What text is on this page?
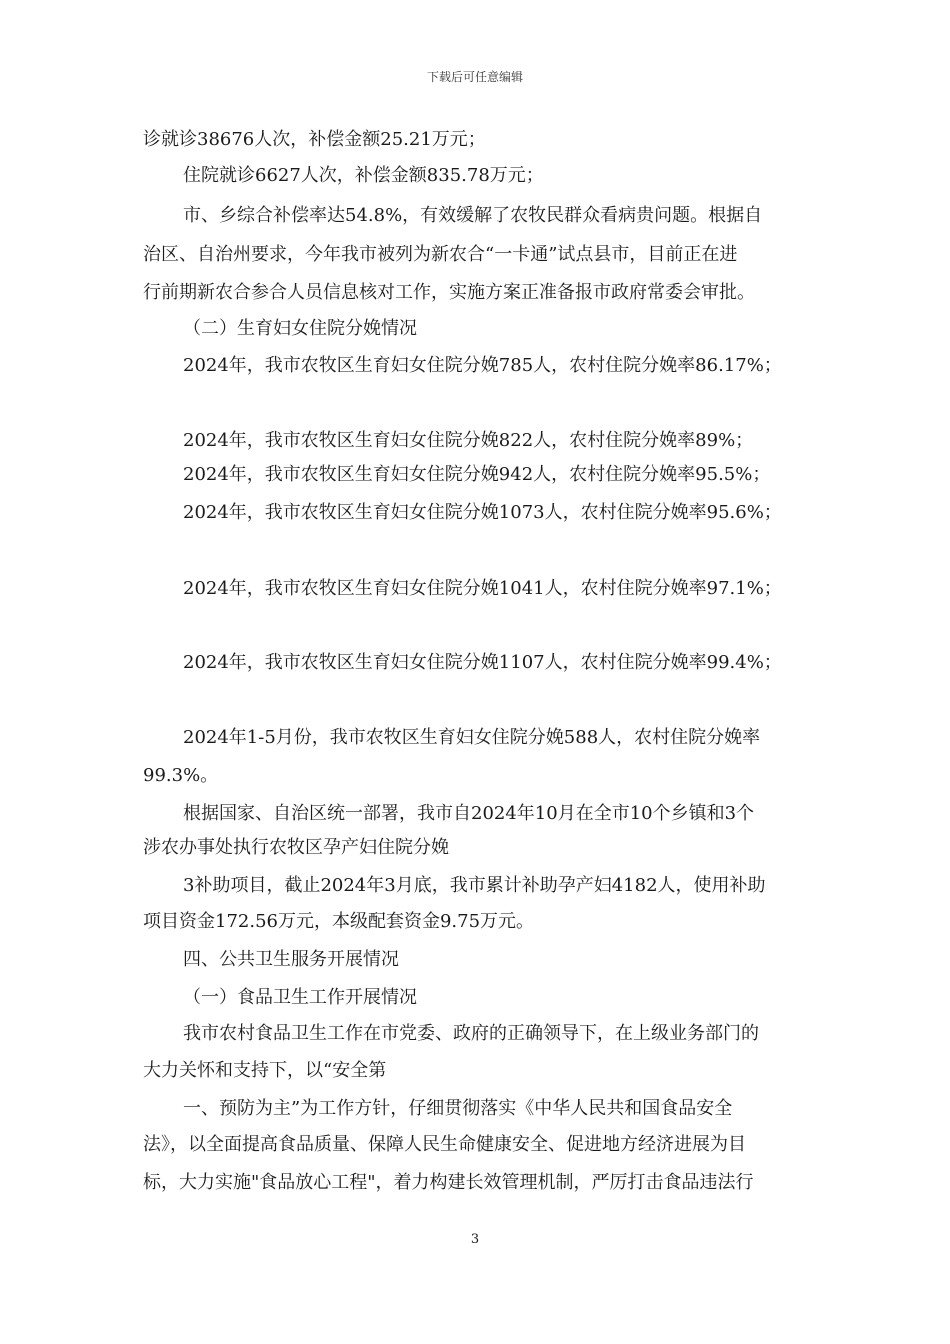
下载后可任意编辑
诊就诊38676人次，补偿金额25.21万元；
住院就诊6627人次，补偿金额835.78万元；
市、乡综合补偿率达54.8%，有效缓解了农牧民群众看病贵问题。根据自
治区、自治州要求，今年我市被列为新农合“一卡通”试点县市，目前正在进
行前期新农合参合人员信息核对工作，实施方案正准备报市政府常委会审批。
（二）生育妇女住院分娩情况
2024年，我市农牧区生育妇女住院分娩785人，农村住院分娩率86.17%；
2024年，我市农牧区生育妇女住院分娩822人，农村住院分娩率89%；
2024年，我市农牧区生育妇女住院分娩942人，农村住院分娩率95.5%；
2024年，我市农牧区生育妇女住院分娩1073人，农村住院分娩率95.6%；
2024年，我市农牧区生育妇女住院分娩1041人，农村住院分娩率97.1%；
2024年，我市农牧区生育妇女住院分娩1107人，农村住院分娩率99.4%；
2024年1-5月份，我市农牧区生育妇女住院分娩588人，农村住院分娩率
99.3%。
根据国家、自治区统一部署，我市自2024年10月在全市10个乡镇和3个
涉农办事处执行农牧区孕产妇住院分娩
3补助项目，截止2024年3月底，我市累计补助孕产妇4182人，使用补助
项目资金172.56万元，本级配套资金9.75万元。
四、公共卫生服务开展情况
（一）食品卫生工作开展情况
我市农村食品卫生工作在市党委、政府的正确领导下，在上级业务部门的
大力关怀和支持下，以“安全第
一、预防为主”为工作方针，仔细贯彻落实《中华人民共和国食品安全
法》，以全面提高食品质量、保障人民生命健康安全、促进地方经济进展为目
标，大力实施"食品放心工程"，着力构建长效管理机制，严厉打击食品违法行
3
